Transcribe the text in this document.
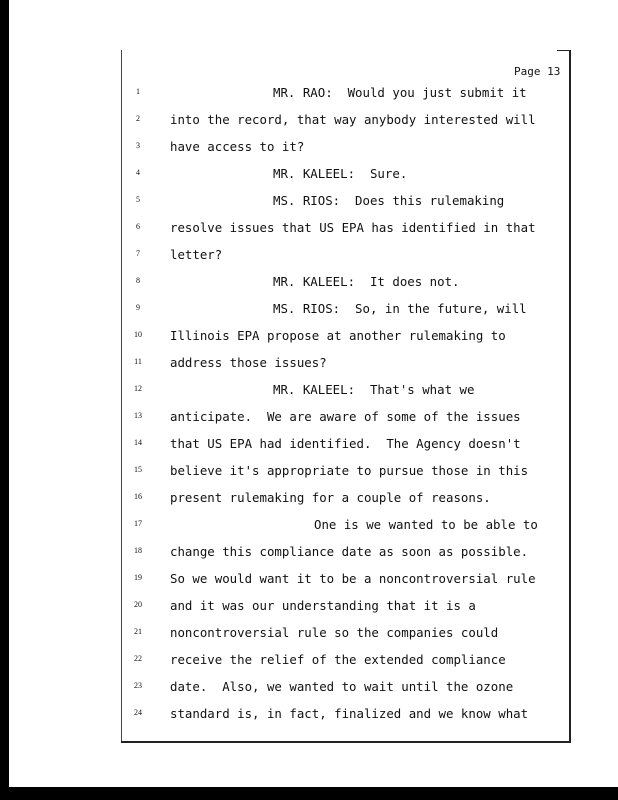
Page 13
1	MR. RAO:  Would you just submit it
2	into the record, that way anybody interested will
3	have access to it?
4	MR. KALEEL:  Sure.
5	MS. RIOS:  Does this rulemaking
6	resolve issues that US EPA has identified in that
7	letter?
8	MR. KALEEL:  It does not.
9	MS. RIOS:  So, in the future, will
10	Illinois EPA propose at another rulemaking to
11	address those issues?
12	MR. KALEEL:  That's what we
13	anticipate.  We are aware of some of the issues
14	that US EPA had identified.  The Agency doesn't
15	believe it's appropriate to pursue those in this
16	present rulemaking for a couple of reasons.
17	One is we wanted to be able to
18	change this compliance date as soon as possible.
19	So we would want it to be a noncontroversial rule
20	and it was our understanding that it is a
21	noncontroversial rule so the companies could
22	receive the relief of the extended compliance
23	date.  Also, we wanted to wait until the ozone
24	standard is, in fact, finalized and we know what
